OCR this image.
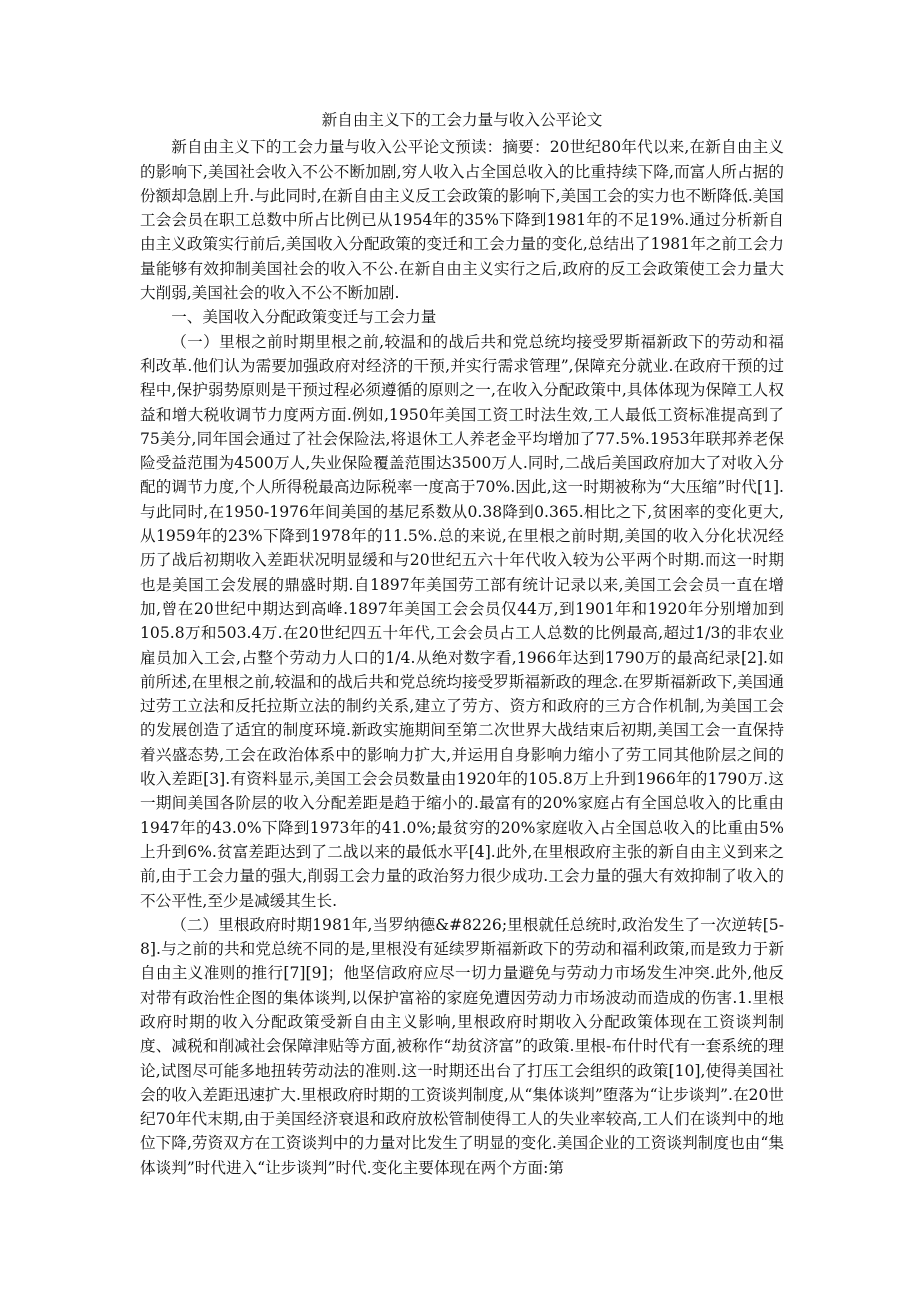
新自由主义下的工会力量与收入公平论文

新自由主义下的工会力量与收入公平论文预读：摘要：20世纪80年代以来,在新自由主义的影响下,美国社会收入不公不断加剧,穷人收入占全国总收入的比重持续下降,而富人所占据的份额却急剧上升.与此同时,在新自由主义反工会政策的影响下,美国工会的实力也不断降低.美国工会会员在职工总数中所占比例已从1954年的35%下降到1981年的不足19%.通过分析新自由主义政策实行前后,美国收入分配政策的变迁和工会力量的变化,总结出了1981年之前工会力量能够有效抑制美国社会的收入不公.在新自由主义实行之后,政府的反工会政策使工会力量大大削弱,美国社会的收入不公不断加剧.

一、美国收入分配政策变迁与工会力量

（一）里根之前时期里根之前,较温和的战后共和党总统均接受罗斯福新政下的劳动和福利改革.他们认为需要加强政府对经济的干预,并实行需求管理”,保障充分就业.在政府干预的过程中,保护弱势原则是干预过程必须遵循的原则之一,在收入分配政策中,具体体现为保障工人权益和增大税收调节力度两方面.例如,1950年美国工资工时法生效,工人最低工资标准提高到了75美分,同年国会通过了社会保险法,将退休工人养老金平均增加了77.5%.1953年联邦养老保险受益范围为4500万人,失业保险覆盖范围达3500万人.同时,二战后美国政府加大了对收入分配的调节力度,个人所得税最高边际税率一度高于70%.因此,这一时期被称为“大压缩”时代[1].与此同时,在1950-1976年间美国的基尼系数从0.38降到0.365.相比之下,贫困率的变化更大,从1959年的23%下降到1978年的11.5%.总的来说,在里根之前时期,美国的收入分化状况经历了战后初期收入差距状况明显缓和与20世纪五六十年代收入较为公平两个时期.而这一时期也是美国工会发展的鼎盛时期.自1897年美国劳工部有统计记录以来,美国工会会员一直在增加,曾在20世纪中期达到高峰.1897年美国工会会员仅44万,到1901年和1920年分别增加到105.8万和503.4万.在20世纪四五十年代,工会会员占工人总数的比例最高,超过1/3的非农业雇员加入工会,占整个劳动力人口的1/4.从绝对数字看,1966年达到1790万的最高纪录[2].如前所述,在里根之前,较温和的战后共和党总统均接受罗斯福新政的理念.在罗斯福新政下,美国通过劳工立法和反托拉斯立法的制约关系,建立了劳方、资方和政府的三方合作机制,为美国工会的发展创造了适宜的制度环境.新政实施期间至第二次世界大战结束后初期,美国工会一直保持着兴盛态势,工会在政治体系中的影响力扩大,并运用自身影响力缩小了劳工同其他阶层之间的收入差距[3].有资料显示,美国工会会员数量由1920年的105.8万上升到1966年的1790万.这一期间美国各阶层的收入分配差距是趋于缩小的.最富有的20%家庭占有全国总收入的比重由1947年的43.0%下降到1973年的41.0%;最贫穷的20%家庭收入占全国总收入的比重由5%上升到6%.贫富差距达到了二战以来的最低水平[4].此外,在里根政府主张的新自由主义到来之前,由于工会力量的强大,削弱工会力量的政治努力很少成功.工会力量的强大有效抑制了收入的不公平性,至少是减缓其生长.

（二）里根政府时期1981年,当罗纳德&#8226;里根就任总统时,政治发生了一次逆转[5-8].与之前的共和党总统不同的是,里根没有延续罗斯福新政下的劳动和福利政策,而是致力于新自由主义准则的推行[7][9]；他坚信政府应尽一切力量避免与劳动力市场发生冲突.此外,他反对带有政治性企图的集体谈判,以保护富裕的家庭免遭因劳动力市场波动而造成的伤害.1.里根政府时期的收入分配政策受新自由主义影响,里根政府时期收入分配政策体现在工资谈判制度、减税和削减社会保障津贴等方面,被称作“劫贫济富”的政策.里根-布什时代有一套系统的理论,试图尽可能多地扭转劳动法的准则.这一时期还出台了打压工会组织的政策[10],使得美国社会的收入差距迅速扩大.里根政府时期的工资谈判制度,从“集体谈判”堕落为“让步谈判”.在20世纪70年代末期,由于美国经济衰退和政府放松管制使得工人的失业率较高,工人们在谈判中的地位下降,劳资双方在工资谈判中的力量对比发生了明显的变化.美国企业的工资谈判制度也由“集体谈判”时代进入“让步谈判”时代.变化主要体现在两个方面:第
